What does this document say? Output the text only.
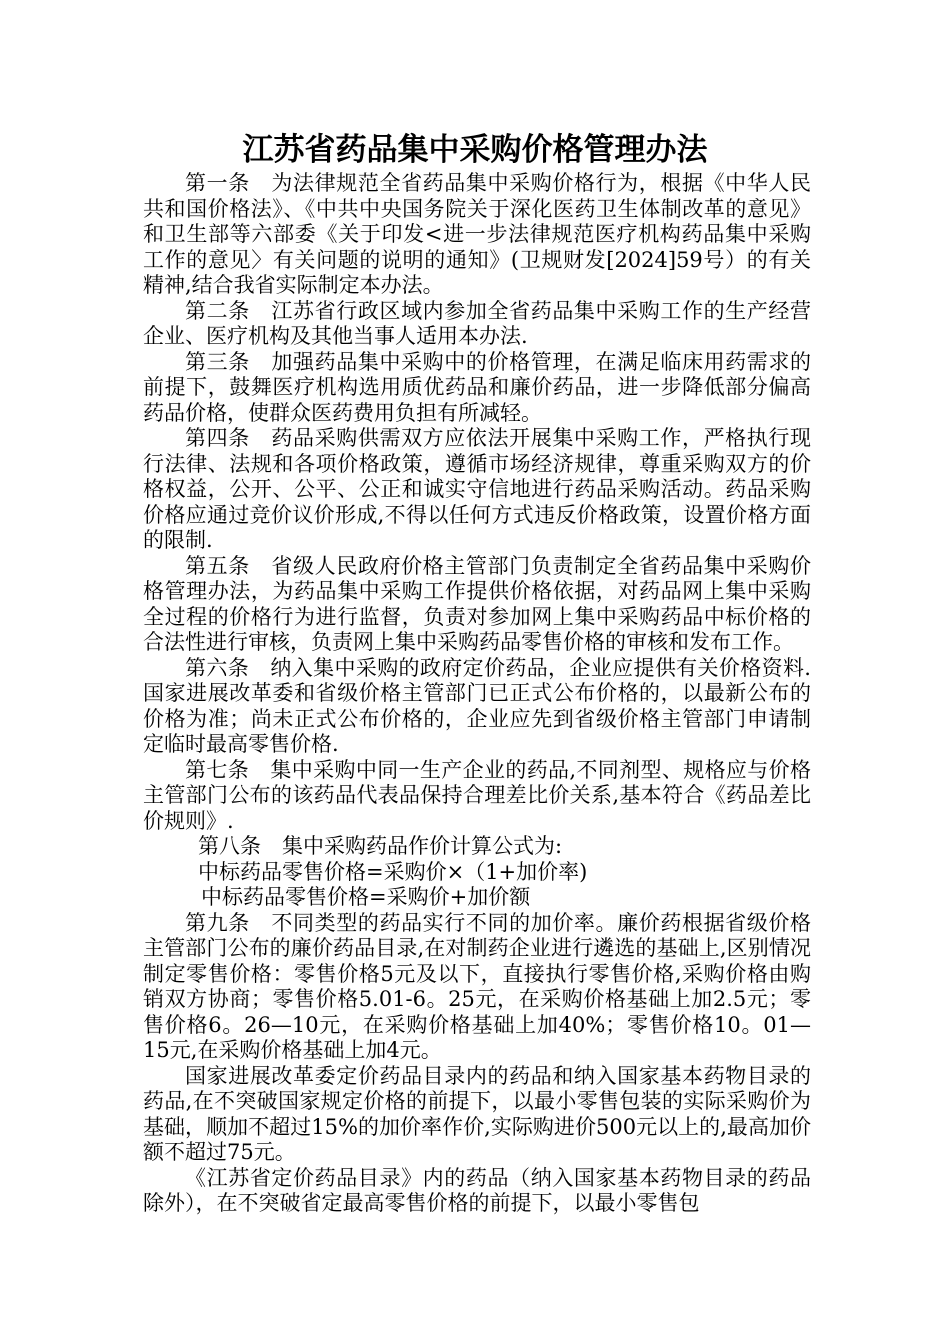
江苏省药品集中采购价格管理办法

第一条　为法律规范全省药品集中采购价格行为，根据《中华人民共和国价格法》、《中共中央国务院关于深化医药卫生体制改革的意见》和卫生部等六部委《关于印发<进一步法律规范医疗机构药品集中采购工作的意见〉有关问题的说明的通知》(卫规财发[2024]59号）的有关精神,结合我省实际制定本办法。

第二条　江苏省行政区域内参加全省药品集中采购工作的生产经营企业、医疗机构及其他当事人适用本办法.

第三条　加强药品集中采购中的价格管理，在满足临床用药需求的前提下，鼓舞医疗机构选用质优药品和廉价药品，进一步降低部分偏高药品价格，使群众医药费用负担有所减轻。

第四条　药品采购供需双方应依法开展集中采购工作，严格执行现行法律、法规和各项价格政策，遵循市场经济规律，尊重采购双方的价格权益，公开、公平、公正和诚实守信地进行药品采购活动。药品采购价格应通过竞价议价形成,不得以任何方式违反价格政策，设置价格方面的限制.

第五条　省级人民政府价格主管部门负责制定全省药品集中采购价格管理办法，为药品集中采购工作提供价格依据，对药品网上集中采购全过程的价格行为进行监督，负责对参加网上集中采购药品中标价格的合法性进行审核，负责网上集中采购药品零售价格的审核和发布工作。

第六条　纳入集中采购的政府定价药品，企业应提供有关价格资料.国家进展改革委和省级价格主管部门已正式公布价格的，以最新公布的价格为准；尚未正式公布价格的，企业应先到省级价格主管部门申请制定临时最高零售价格.

第七条　集中采购中同一生产企业的药品,不同剂型、规格应与价格主管部门公布的该药品代表品保持合理差比价关系,基本符合《药品差比价规则》.

第八条　集中采购药品作价计算公式为:

中标药品零售价格=采购价×（1+加价率)

中标药品零售价格=采购价+加价额

第九条　不同类型的药品实行不同的加价率。廉价药根据省级价格主管部门公布的廉价药品目录,在对制药企业进行遴选的基础上,区别情况制定零售价格：零售价格5元及以下，直接执行零售价格,采购价格由购销双方协商；零售价格5.01-6。25元，在采购价格基础上加2.5元；零售价格6。26—10元，在采购价格基础上加40%；零售价格10。01—15元,在采购价格基础上加4元。

国家进展改革委定价药品目录内的药品和纳入国家基本药物目录的药品,在不突破国家规定价格的前提下，以最小零售包装的实际采购价为基础，顺加不超过15%的加价率作价,实际购进价500元以上的,最高加价额不超过75元。

《江苏省定价药品目录》内的药品（纳入国家基本药物目录的药品除外），在不突破省定最高零售价格的前提下，以最小零售包
